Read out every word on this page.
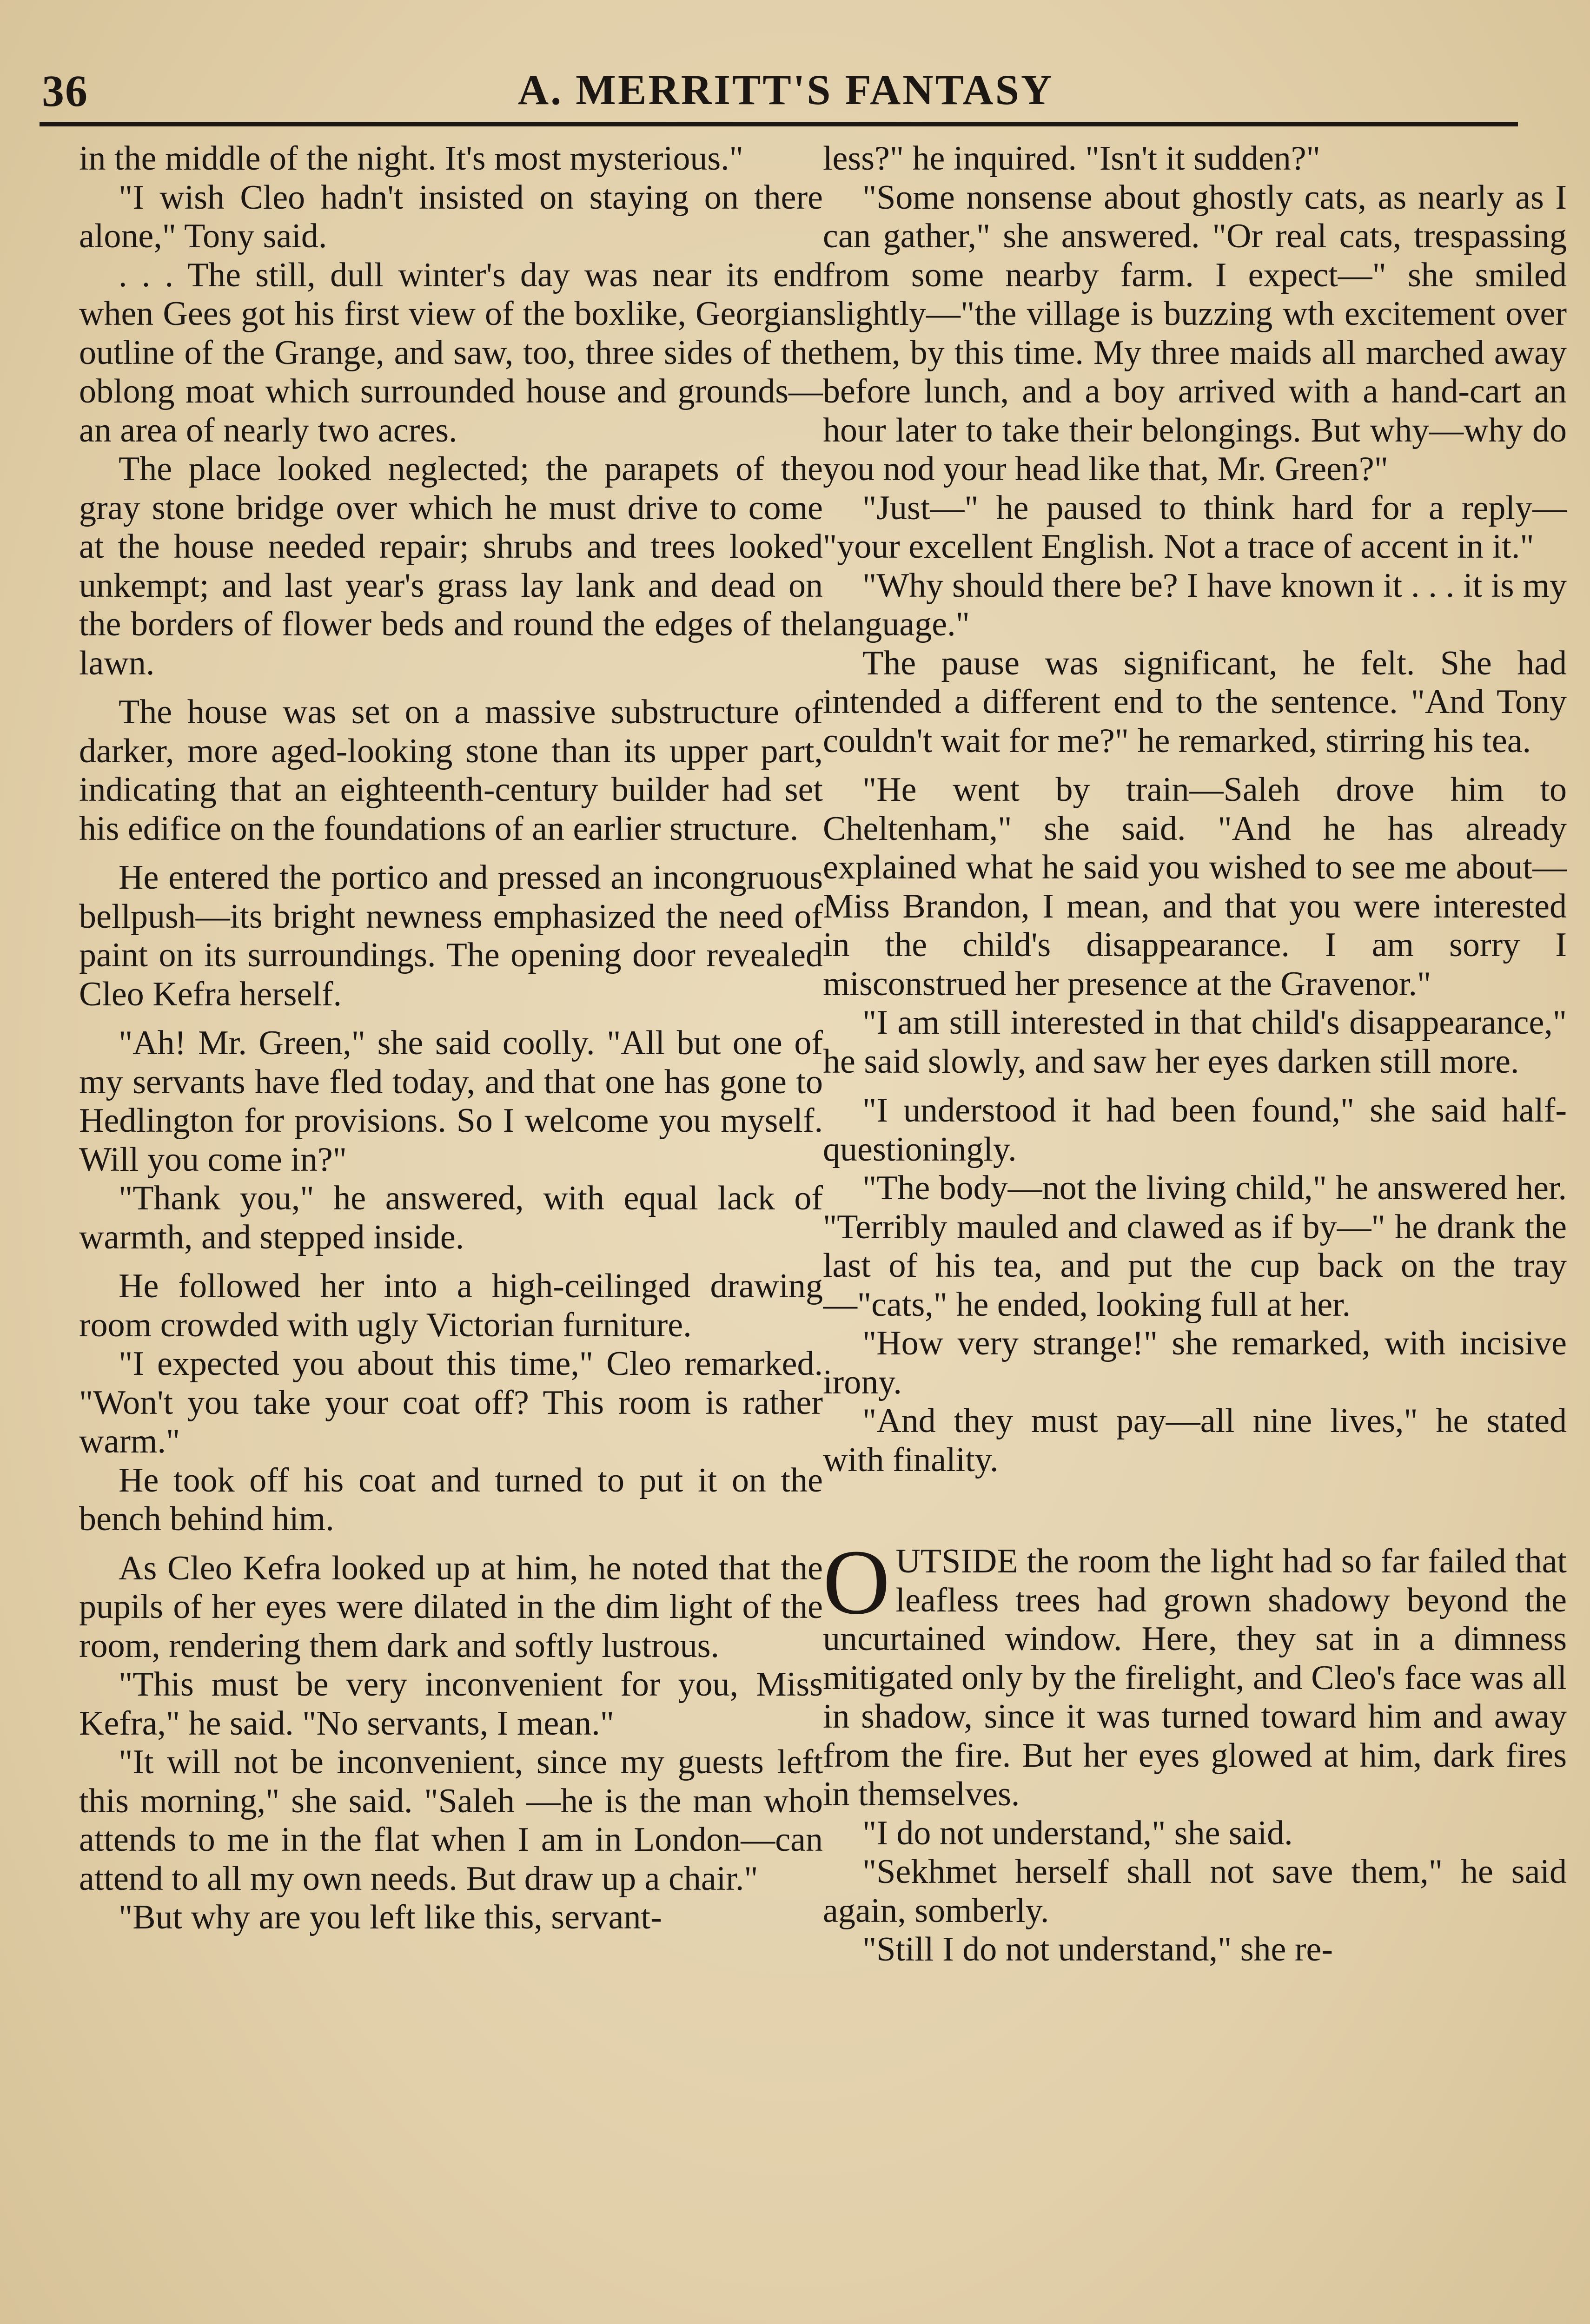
36	A. MERRITT'S FANTASY

in the middle of the night. It's most mysterious."

"I wish Cleo hadn't insisted on staying on there alone," Tony said.

. . . The still, dull winter's day was near its end when Gees got his first view of the boxlike, Georgian outline of the Grange, and saw, too, three sides of the oblong moat which surrounded house and grounds—an area of nearly two acres.

The place looked neglected; the parapets of the gray stone bridge over which he must drive to come at the house needed repair; shrubs and trees looked unkempt; and last year's grass lay lank and dead on the borders of flower beds and round the edges of the lawn.

The house was set on a massive substructure of darker, more aged-looking stone than its upper part, indicating that an eighteenth-century builder had set his edifice on the foundations of an earlier structure.

He entered the portico and pressed an incongruous bellpush—its bright newness emphasized the need of paint on its surroundings. The opening door revealed Cleo Kefra herself.

"Ah! Mr. Green," she said coolly. "All but one of my servants have fled today, and that one has gone to Hedlington for provisions. So I welcome you myself. Will you come in?"

"Thank you," he answered, with equal lack of warmth, and stepped inside.

He followed her into a high-ceilinged drawing room crowded with ugly Victorian furniture.

"I expected you about this time," Cleo remarked. "Won't you take your coat off? This room is rather warm."

He took off his coat and turned to put it on the bench behind him.

As Cleo Kefra looked up at him, he noted that the pupils of her eyes were dilated in the dim light of the room, rendering them dark and softly lustrous.

"This must be very inconvenient for you, Miss Kefra," he said. "No servants, I mean."

"It will not be inconvenient, since my guests left this morning," she said. "Saleh —he is the man who attends to me in the flat when I am in London—can attend to all my own needs. But draw up a chair."

"But why are you left like this, servant-

less?" he inquired. "Isn't it sudden?"

"Some nonsense about ghostly cats, as nearly as I can gather," she answered. "Or real cats, trespassing from some nearby farm. I expect—" she smiled slightly—"the village is buzzing wth excitement over them, by this time. My three maids all marched away before lunch, and a boy arrived with a hand-cart an hour later to take their belongings. But why—why do you nod your head like that, Mr. Green?"

"Just—" he paused to think hard for a reply— "your excellent English. Not a trace of accent in it."

"Why should there be? I have known it . . . it is my language."

The pause was significant, he felt. She had intended a different end to the sentence. "And Tony couldn't wait for me?" he remarked, stirring his tea.

"He went by train—Saleh drove him to Cheltenham," she said. "And he has already explained what he said you wished to see me about—Miss Brandon, I mean, and that you were interested in the child's disappearance. I am sorry I misconstrued her presence at the Gravenor."

"I am still interested in that child's disappearance," he said slowly, and saw her eyes darken still more.

"I understood it had been found," she said half-questioningly.

"The body—not the living child," he answered her. "Terribly mauled and clawed as if by—" he drank the last of his tea, and put the cup back on the tray—"cats," he ended, looking full at her.

"How very strange!" she remarked, with incisive irony.

"And they must pay—all nine lives," he stated with finality.

OUTSIDE the room the light had so far failed that leafless trees had grown shadowy beyond the uncurtained window. Here, they sat in a dimness mitigated only by the firelight, and Cleo's face was all in shadow, since it was turned toward him and away from the fire. But her eyes glowed at him, dark fires in themselves.

"I do not understand," she said.

"Sekhmet herself shall not save them," he said again, somberly.

"Still I do not understand," she re-
